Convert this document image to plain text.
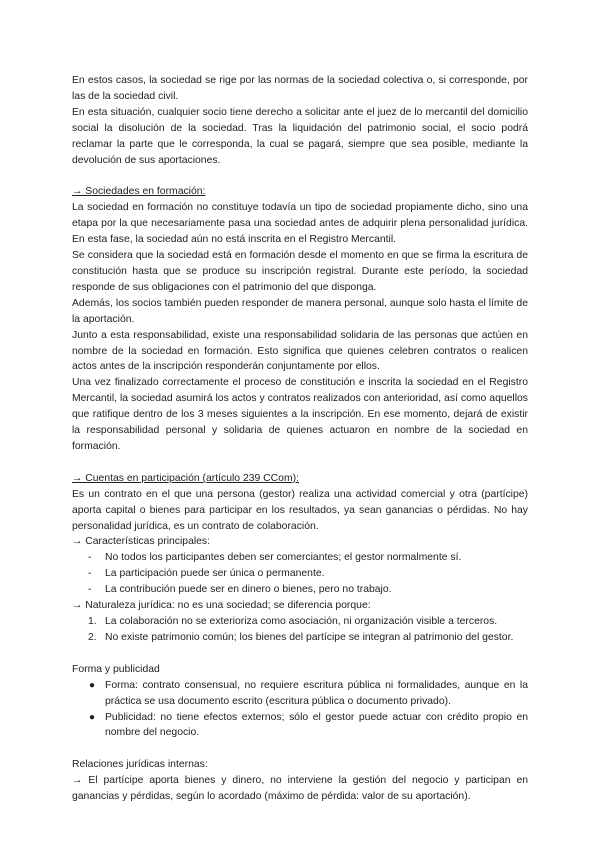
En estos casos, la sociedad se rige por las normas de la sociedad colectiva o, si corresponde, por las de la sociedad civil.

En esta situación, cualquier socio tiene derecho a solicitar ante el juez de lo mercantil del domicilio social la disolución de la sociedad. Tras la liquidación del patrimonio social, el socio podrá reclamar la parte que le corresponda, la cual se pagará, siempre que sea posible, mediante la devolución de sus aportaciones.

→ Sociedades en formación:

La sociedad en formación no constituye todavía un tipo de sociedad propiamente dicho, sino una etapa por la que necesariamente pasa una sociedad antes de adquirir plena personalidad jurídica. En esta fase, la sociedad aún no está inscrita en el Registro Mercantil.

Se considera que la sociedad está en formación desde el momento en que se firma la escritura de constitución hasta que se produce su inscripción registral. Durante este período, la sociedad responde de sus obligaciones con el patrimonio del que disponga.

Además, los socios también pueden responder de manera personal, aunque solo hasta el límite de la aportación.

Junto a esta responsabilidad, existe una responsabilidad solidaria de las personas que actúen en nombre de la sociedad en formación. Esto significa que quienes celebren contratos o realicen actos antes de la inscripción responderán conjuntamente por ellos.

Una vez finalizado correctamente el proceso de constitución e inscrita la sociedad en el Registro Mercantil, la sociedad asumirá los actos y contratos realizados con anterioridad, así como aquellos que ratifique dentro de los 3 meses siguientes a la inscripción. En ese momento, dejará de existir la responsabilidad personal y solidaria de quienes actuaron en nombre de la sociedad en formación.

→ Cuentas en participación (artículo 239 CCom):

Es un contrato en el que una persona (gestor) realiza una actividad comercial y otra (partícipe) aporta capital o bienes para participar en los resultados, ya sean ganancias o pérdidas. No hay personalidad jurídica, es un contrato de colaboración.

→ Características principales:

- No todos los participantes deben ser comerciantes; el gestor normalmente sí.
- La participación puede ser única o permanente.
- La contribución puede ser en dinero o bienes, pero no trabajo.

→ Naturaleza jurídica: no es una sociedad; se diferencia porque:

1. La colaboración no se exterioriza como asociación, ni organización visible a terceros.
2. No existe patrimonio común; los bienes del partícipe se integran al patrimonio del gestor.

Forma y publicidad

● Forma: contrato consensual, no requiere escritura pública ni formalidades, aunque en la práctica se usa documento escrito (escritura pública o documento privado).
● Publicidad: no tiene efectos externos; sólo el gestor puede actuar con crédito propio en nombre del negocio.

Relaciones jurídicas internas:

→ El partícipe aporta bienes y dinero, no interviene la gestión del negocio y participan en ganancias y pérdidas, según lo acordado (máximo de pérdida: valor de su aportación).
